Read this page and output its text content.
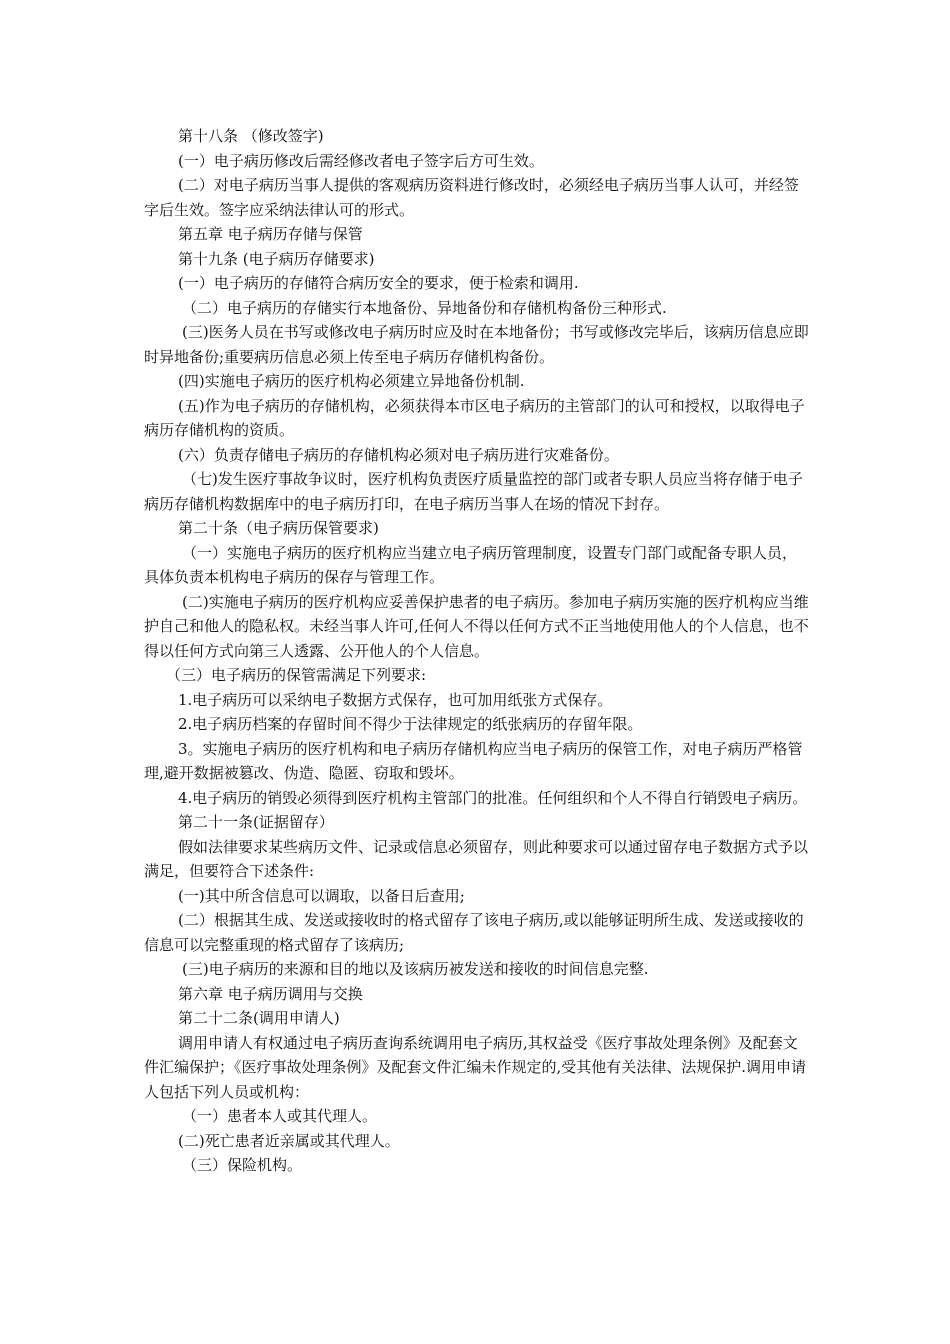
第十八条 （修改签字)

(一）电子病历修改后需经修改者电子签字后方可生效。

(二）对电子病历当事人提供的客观病历资料进行修改时，必须经电子病历当事人认可，并经签字后生效。签字应采纳法律认可的形式。

第五章 电子病历存储与保管

第十九条 (电子病历存储要求)

(一）电子病历的存储符合病历安全的要求，便于检索和调用.

（二）电子病历的存储实行本地备份、异地备份和存储机构备份三种形式.

(三)医务人员在书写或修改电子病历时应及时在本地备份；书写或修改完毕后，该病历信息应即时异地备份;重要病历信息必须上传至电子病历存储机构备份。

(四)实施电子病历的医疗机构必须建立异地备份机制.

(五)作为电子病历的存储机构，必须获得本市区电子病历的主管部门的认可和授权，以取得电子病历存储机构的资质。

(六）负责存储电子病历的存储机构必须对电子病历进行灾难备份。

（七)发生医疗事故争议时，医疗机构负责医疗质量监控的部门或者专职人员应当将存储于电子病历存储机构数据库中的电子病历打印，在电子病历当事人在场的情况下封存。

第二十条（电子病历保管要求)

（一）实施电子病历的医疗机构应当建立电子病历管理制度，设置专门部门或配备专职人员，具体负责本机构电子病历的保存与管理工作。

(二)实施电子病历的医疗机构应妥善保护患者的电子病历。参加电子病历实施的医疗机构应当维护自己和他人的隐私权。未经当事人许可,任何人不得以任何方式不正当地使用他人的个人信息，也不得以任何方式向第三人透露、公开他人的个人信息。

（三）电子病历的保管需满足下列要求:

1.电子病历可以采纳电子数据方式保存，也可加用纸张方式保存。

2.电子病历档案的存留时间不得少于法律规定的纸张病历的存留年限。

3。实施电子病历的医疗机构和电子病历存储机构应当电子病历的保管工作，对电子病历严格管理,避开数据被篡改、伪造、隐匿、窃取和毁坏。

4.电子病历的销毁必须得到医疗机构主管部门的批准。任何组织和个人不得自行销毁电子病历。

第二十一条(证据留存）

假如法律要求某些病历文件、记录或信息必须留存，则此种要求可以通过留存电子数据方式予以满足，但要符合下述条件:

(一)其中所含信息可以调取，以备日后查用;

(二）根据其生成、发送或接收时的格式留存了该电子病历,或以能够证明所生成、发送或接收的信息可以完整重现的格式留存了该病历;

(三)电子病历的来源和目的地以及该病历被发送和接收的时间信息完整.

第六章 电子病历调用与交换

第二十二条(调用申请人)

调用申请人有权通过电子病历查询系统调用电子病历,其权益受《医疗事故处理条例》及配套文件汇编保护；《医疗事故处理条例》及配套文件汇编未作规定的,受其他有关法律、法规保护.调用申请人包括下列人员或机构：

（一）患者本人或其代理人。

(二)死亡患者近亲属或其代理人。

（三）保险机构。
